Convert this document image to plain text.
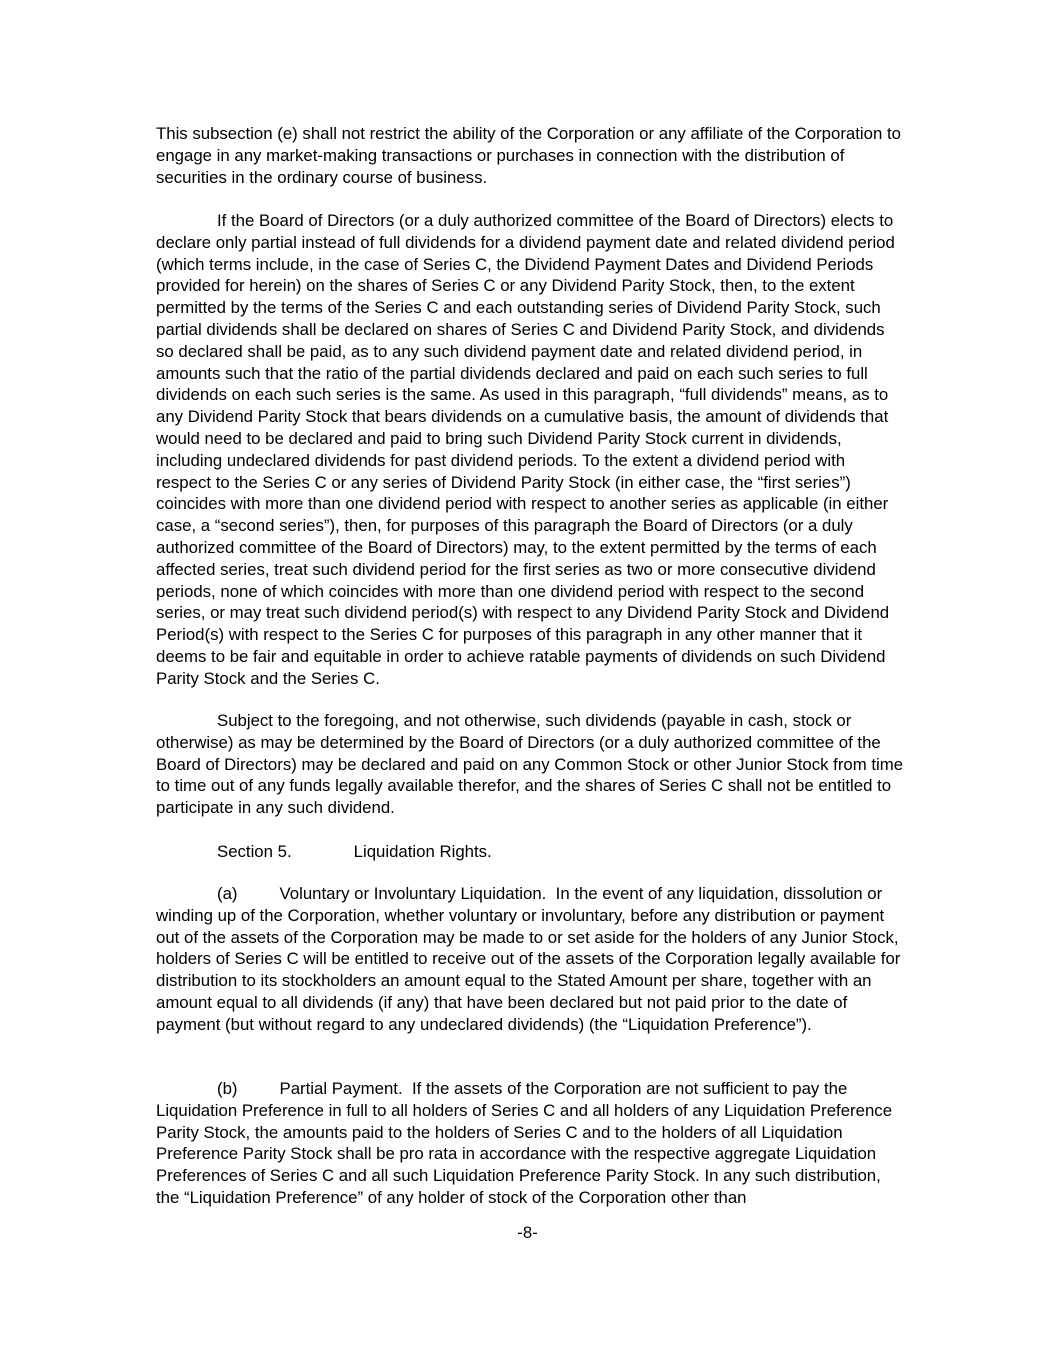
This subsection (e) shall not restrict the ability of the Corporation or any affiliate of the Corporation to engage in any market-making transactions or purchases in connection with the distribution of securities in the ordinary course of business.

If the Board of Directors (or a duly authorized committee of the Board of Directors) elects to declare only partial instead of full dividends for a dividend payment date and related dividend period (which terms include, in the case of Series C, the Dividend Payment Dates and Dividend Periods provided for herein) on the shares of Series C or any Dividend Parity Stock, then, to the extent permitted by the terms of the Series C and each outstanding series of Dividend Parity Stock, such partial dividends shall be declared on shares of Series C and Dividend Parity Stock, and dividends so declared shall be paid, as to any such dividend payment date and related dividend period, in amounts such that the ratio of the partial dividends declared and paid on each such series to full dividends on each such series is the same. As used in this paragraph, “full dividends” means, as to any Dividend Parity Stock that bears dividends on a cumulative basis, the amount of dividends that would need to be declared and paid to bring such Dividend Parity Stock current in dividends, including undeclared dividends for past dividend periods. To the extent a dividend period with respect to the Series C or any series of Dividend Parity Stock (in either case, the “first series”) coincides with more than one dividend period with respect to another series as applicable (in either case, a “second series”), then, for purposes of this paragraph the Board of Directors (or a duly authorized committee of the Board of Directors) may, to the extent permitted by the terms of each affected series, treat such dividend period for the first series as two or more consecutive dividend periods, none of which coincides with more than one dividend period with respect to the second series, or may treat such dividend period(s) with respect to any Dividend Parity Stock and Dividend Period(s) with respect to the Series C for purposes of this paragraph in any other manner that it deems to be fair and equitable in order to achieve ratable payments of dividends on such Dividend Parity Stock and the Series C.

Subject to the foregoing, and not otherwise, such dividends (payable in cash, stock or otherwise) as may be determined by the Board of Directors (or a duly authorized committee of the Board of Directors) may be declared and paid on any Common Stock or other Junior Stock from time to time out of any funds legally available therefor, and the shares of Series C shall not be entitled to participate in any such dividend.

Section 5.	Liquidation Rights.

(a)	Voluntary or Involuntary Liquidation. In the event of any liquidation, dissolution or winding up of the Corporation, whether voluntary or involuntary, before any distribution or payment out of the assets of the Corporation may be made to or set aside for the holders of any Junior Stock, holders of Series C will be entitled to receive out of the assets of the Corporation legally available for distribution to its stockholders an amount equal to the Stated Amount per share, together with an amount equal to all dividends (if any) that have been declared but not paid prior to the date of payment (but without regard to any undeclared dividends) (the “Liquidation Preference”).

(b)	Partial Payment. If the assets of the Corporation are not sufficient to pay the Liquidation Preference in full to all holders of Series C and all holders of any Liquidation Preference Parity Stock, the amounts paid to the holders of Series C and to the holders of all Liquidation Preference Parity Stock shall be pro rata in accordance with the respective aggregate Liquidation Preferences of Series C and all such Liquidation Preference Parity Stock. In any such distribution, the “Liquidation Preference” of any holder of stock of the Corporation other than

-8-
